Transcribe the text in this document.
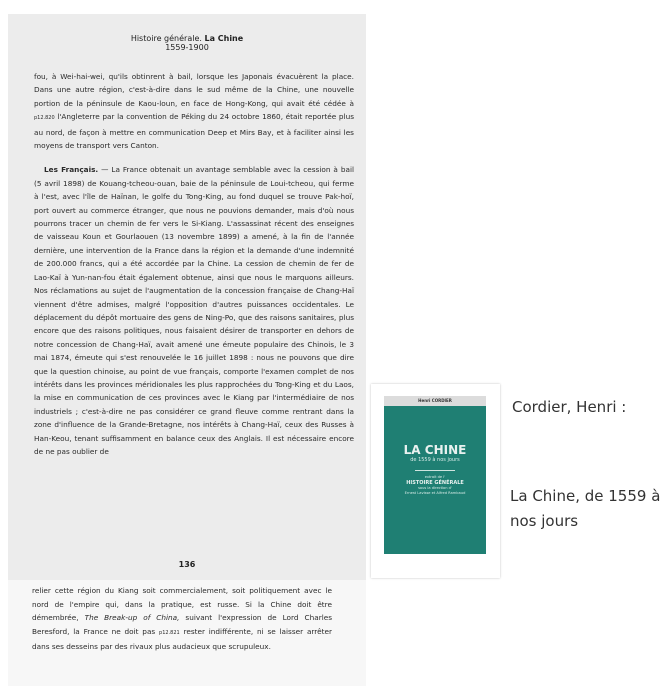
Histoire générale. La Chine
1559-1900

fou, à Wei-hai-wei, qu'ils obtinrent à bail, lorsque les Japonais évacuèrent la place. Dans une autre région, c'est-à-dire dans le sud même de la Chine, une nouvelle portion de la péninsule de Kaou-loun, en face de Hong-Kong, qui avait été cédée à p12.820 l'Angleterre par la convention de Péking du 24 octobre 1860, était reportée plus au nord, de façon à mettre en communication Deep et Mirs Bay, et à faciliter ainsi les moyens de transport vers Canton.

Les Français. — La France obtenait un avantage semblable avec la cession à bail (5 avril 1898) de Kouang-tcheou-ouan, baie de la péninsule de Loui-tcheou, qui ferme à l'est, avec l'île de Haïnan, le golfe du Tong-King, au fond duquel se trouve Pak-hoï, port ouvert au commerce étranger, que nous ne pouvions demander, mais d'où nous pourrons tracer un chemin de fer vers le Si-Kiang. L'assassinat récent des enseignes de vaisseau Koun et Gourlaouen (13 novembre 1899) a amené, à la fin de l'année dernière, une intervention de la France dans la région et la demande d'une indemnité de 200.000 francs, qui a été accordée par la Chine. La cession de chemin de fer de Lao-Kaï à Yun-nan-fou était également obtenue, ainsi que nous le marquons ailleurs. Nos réclamations au sujet de l'augmentation de la concession française de Chang-Haï viennent d'être admises, malgré l'opposition d'autres puissances occidentales. Le déplacement du dépôt mortuaire des gens de Ning-Po, que des raisons sanitaires, plus encore que des raisons politiques, nous faisaient désirer de transporter en dehors de notre concession de Chang-Haï, avait amené une émeute populaire des Chinois, le 3 mai 1874, émeute qui s'est renouvelée le 16 juillet 1898 : nous ne pouvons que dire que la question chinoise, au point de vue français, comporte l'examen complet de nos intérêts dans les provinces méridionales les plus rapprochées du Tong-King et du Laos, la mise en communication de ces provinces avec le Kiang par l'intermédiaire de nos industriels ; c'est-à-dire ne pas considérer ce grand fleuve comme rentrant dans la zone d'influence de la Grande-Bretagne, nos intérêts à Chang-Haï, ceux des Russes à Han-Keou, tenant suffisamment en balance ceux des Anglais. Il est nécessaire encore de ne pas oublier de

136
relier cette région du Kiang soit commercialement, soit politiquement avec le nord de l'empire qui, dans la pratique, est russe. Si la Chine doit être démembrée, The Break-up of China, suivant l'expression de Lord Charles Beresford, la France ne doit pas p12.821 rester indifférente, ni se laisser arrêter dans ses desseins par des rivaux plus audacieux que scrupuleux.
Henri CORDIER
LA CHINE
de 1559 à nos jours
extrait de l'
HISTOIRE GÉNÉRALE
sous la direction d'
Ernest Lavisse et Alfred Rambaud
Cordier, Henri :
La Chine, de 1559 à nos jours
